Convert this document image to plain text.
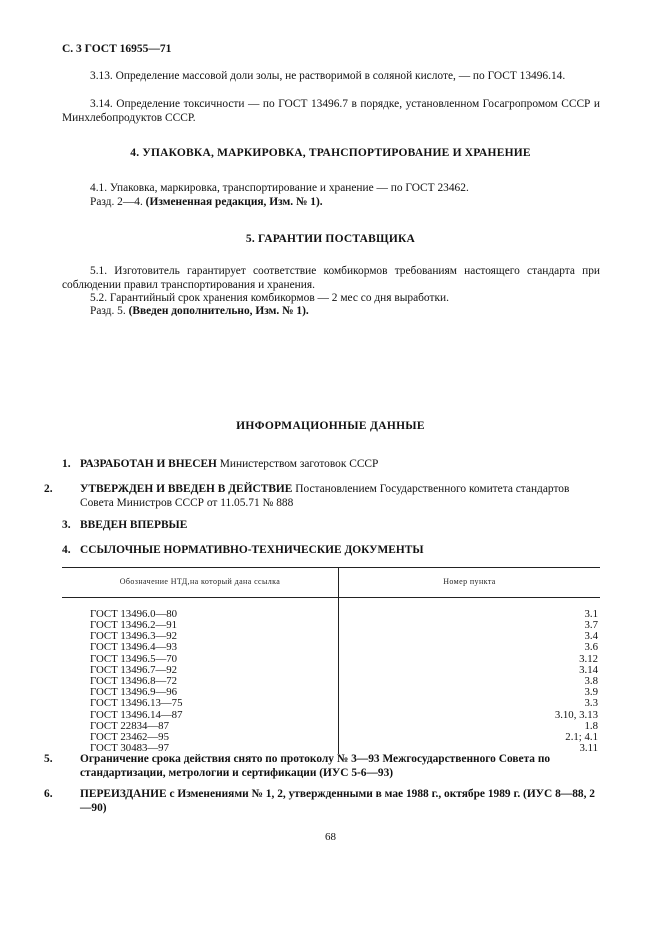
С. 3 ГОСТ 16955—71
3.13. Определение массовой доли золы, не растворимой в соляной кислоте, — по ГОСТ 13496.14.
3.14. Определение токсичности — по ГОСТ 13496.7 в порядке, установленном Госагропромом СССР и Минхлебопродуктов СССР.
4. УПАКОВКА, МАРКИРОВКА, ТРАНСПОРТИРОВАНИЕ И ХРАНЕНИЕ
4.1. Упаковка, маркировка, транспортирование и хранение — по ГОСТ 23462.
Разд. 2—4. (Измененная редакция, Изм. № 1).
5. ГАРАНТИИ ПОСТАВЩИКА
5.1. Изготовитель гарантирует соответствие комбикормов требованиям настоящего стандарта при соблюдении правил транспортирования и хранения.
5.2. Гарантийный срок хранения комбикормов — 2 мес со дня выработки.
Разд. 5. (Введен дополнительно, Изм. № 1).
ИНФОРМАЦИОННЫЕ ДАННЫЕ
1. РАЗРАБОТАН И ВНЕСЕН Министерством заготовок СССР
2. УТВЕРЖДЕН И ВВЕДЕН В ДЕЙСТВИЕ Постановлением Государственного комитета стандартов Совета Министров СССР от 11.05.71 № 888
3. ВВЕДЕН ВПЕРВЫЕ
4. ССЫЛОЧНЫЕ НОРМАТИВНО-ТЕХНИЧЕСКИЕ ДОКУМЕНТЫ
Обозначение НТД,на который дана ссылка	Номер пункта
ГОСТ 13496.0—80	3.1
ГОСТ 13496.2—91	3.7
ГОСТ 13496.3—92	3.4
ГОСТ 13496.4—93	3.6
ГОСТ 13496.5—70	3.12
ГОСТ 13496.7—92	3.14
ГОСТ 13496.8—72	3.8
ГОСТ 13496.9—96	3.9
ГОСТ 13496.13—75	3.3
ГОСТ 13496.14—87	3.10, 3.13
ГОСТ 22834—87	1.8
ГОСТ 23462—95	2.1; 4.1
ГОСТ 30483—97	3.11
5. Ограничение срока действия снято по протоколу № 3—93 Межгосударственного Совета по стандартизации, метрологии и сертификации (ИУС 5-6—93)
6. ПЕРЕИЗДАНИЕ с Изменениями № 1, 2, утвержденными в мае 1988 г., октябре 1989 г. (ИУС 8—88, 2—90)
68
